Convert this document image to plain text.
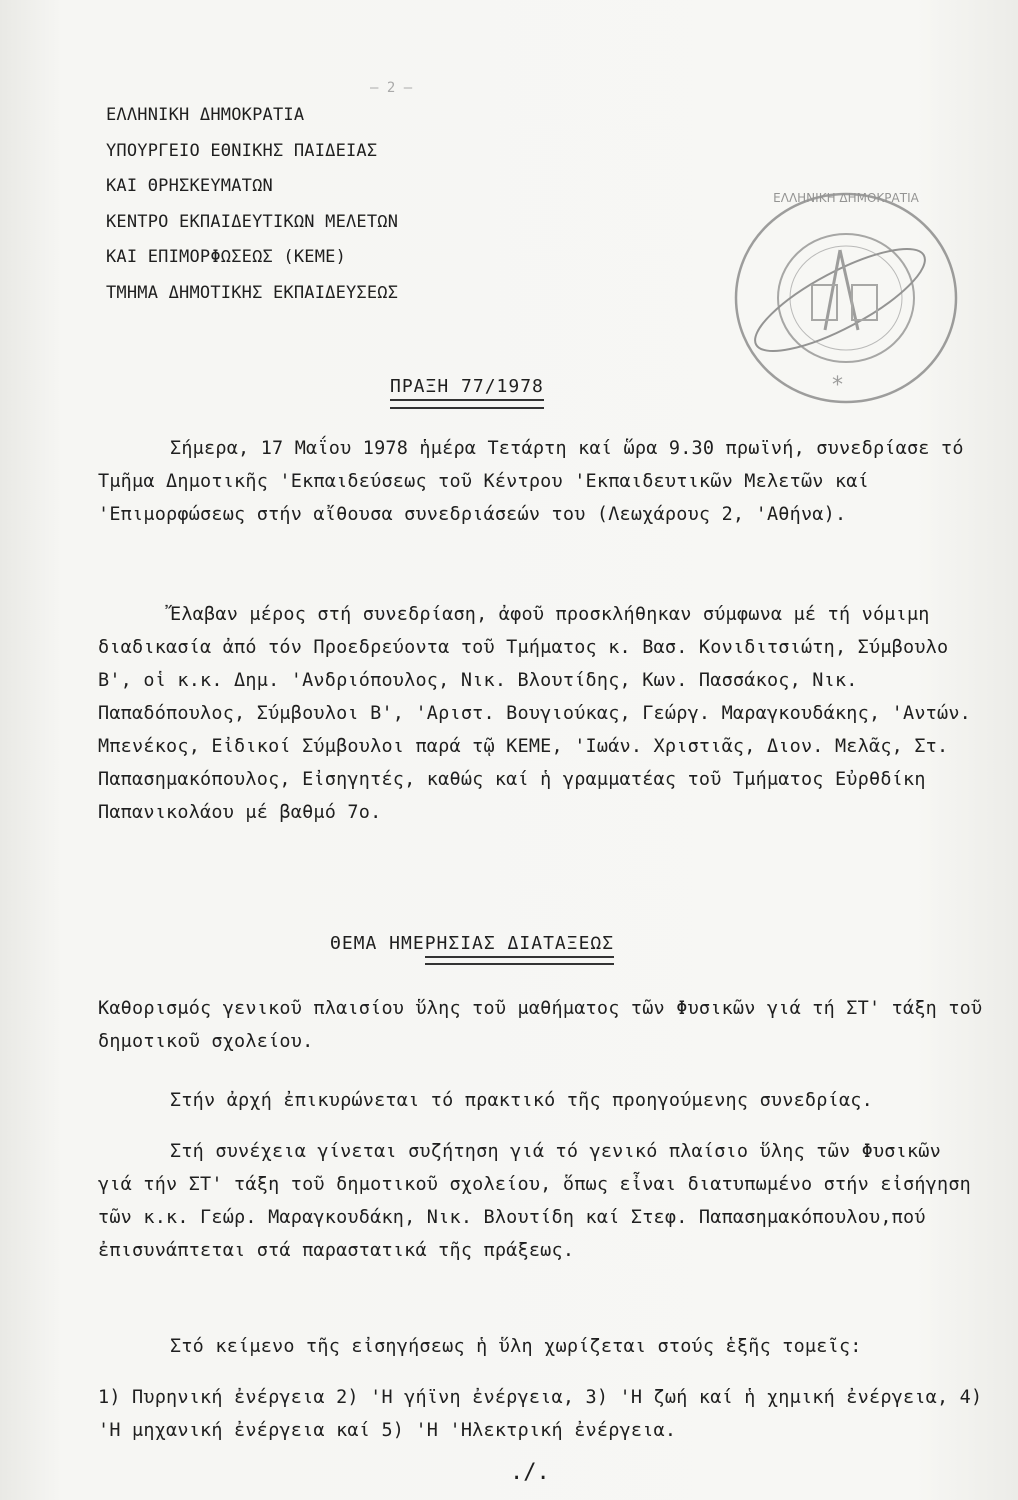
– 2 –
ΕΛΛΗΝΙΚΗ ΔΗΜΟΚΡΑΤΙΑ
ΥΠΟΥΡΓΕΙΟ ΕΘΝΙΚΗΣ ΠΑΙΔΕΙΑΣ
ΚΑΙ ΘΡΗΣΚΕΥΜΑΤΩΝ
ΚΕΝΤΡΟ ΕΚΠΑΙΔΕΥΤΙΚΩΝ ΜΕΛΕΤΩΝ
ΚΑΙ ΕΠΙΜΟΡΦΩΣΕΩΣ (ΚΕΜΕ)
ΤΜΗΜΑ ΔΗΜΟΤΙΚΗΣ ΕΚΠΑΙΔΕΥΣΕΩΣ
ΕΛΛΗΝΙΚΗ ΔΗΜΟΚΡΑΤΙΑ
*
ΠΡΑΞΗ 77/1978

Σήμερα, 17 Μαΐου 1978 ἡμέρα Τετάρτη καί ὥρα 9.30 πρωϊνή, συνεδρίασε τό Τμῆμα Δημοτικῆς 'Εκπαιδεύσεως τοῦ Κέντρου 'Εκπαιδευτικῶν Μελετῶν καί 'Επιμορφώσεως στήν αἴθουσα συνεδριάσεών του (Λεωχάρους 2, 'Αθήνα).

Ἔλαβαν μέρος στή συνεδρίαση, ἀφοῦ προσκλήθηκαν σύμφωνα μέ τή νόμιμη διαδικασία ἀπό τόν Προεδρεύοντα τοῦ Τμήματος κ. Βασ. Κονιδιτσιώτη, Σύμβουλο Β', οἱ κ.κ. Δημ. 'Ανδριόπουλος, Νικ. Βλουτίδης, Κων. Πασσάκος, Νικ. Παπαδόπουλος, Σύμβουλοι Β', 'Αριστ. Βουγιούκας, Γεώργ. Μαραγκουδάκης, 'Αντών. Μπενέκος, Εἰδικοί Σύμβουλοι παρά τῷ ΚΕΜΕ, 'Ιωάν. Χριστιᾶς, Διον. Μελᾶς, Στ. Παπασημακόπουλος, Εἰσηγητές, καθώς καί ἡ γραμματέας τοῦ Τμήματος Εὐρθδίκη Παπανικολάου μέ βαθμό 7ο.

ΘΕΜΑ ΗΜΕΡΗΣΙΑΣ ΔΙΑΤΑΞΕΩΣ

Καθορισμός γενικοῦ πλαισίου ὕλης τοῦ μαθήματος τῶν Φυσικῶν γιά τή ΣΤ' τάξη τοῦ δημοτικοῦ σχολείου.

Στήν ἀρχή ἐπικυρώνεται τό πρακτικό τῆς προηγούμενης συνεδρίας.

Στή συνέχεια γίνεται συζήτηση γιά τό γενικό πλαίσιο ὕλης τῶν Φυσικῶν γιά τήν ΣΤ' τάξη τοῦ δημοτικοῦ σχολείου, ὅπως εἶναι διατυπωμένο στήν εἰσήγηση τῶν κ.κ. Γεώρ. Μαραγκουδάκη, Νικ. Βλουτίδη καί Στεφ. Παπασημακόπουλου,πού ἐπισυνάπτεται στά παραστατικά τῆς πράξεως.

Στό κείμενο τῆς εἰσηγήσεως ἡ ὕλη χωρίζεται στούς ἑξῆς τομεῖς:

1) Πυρηνική ἐνέργεια 2) 'Η γήϊνη ἐνέργεια, 3) 'Η ζωή καί ἡ χημική ἐνέργεια, 4) 'Η μηχανική ἐνέργεια καί 5) 'Η 'Ηλεκτρική ἐνέργεια.

./.
